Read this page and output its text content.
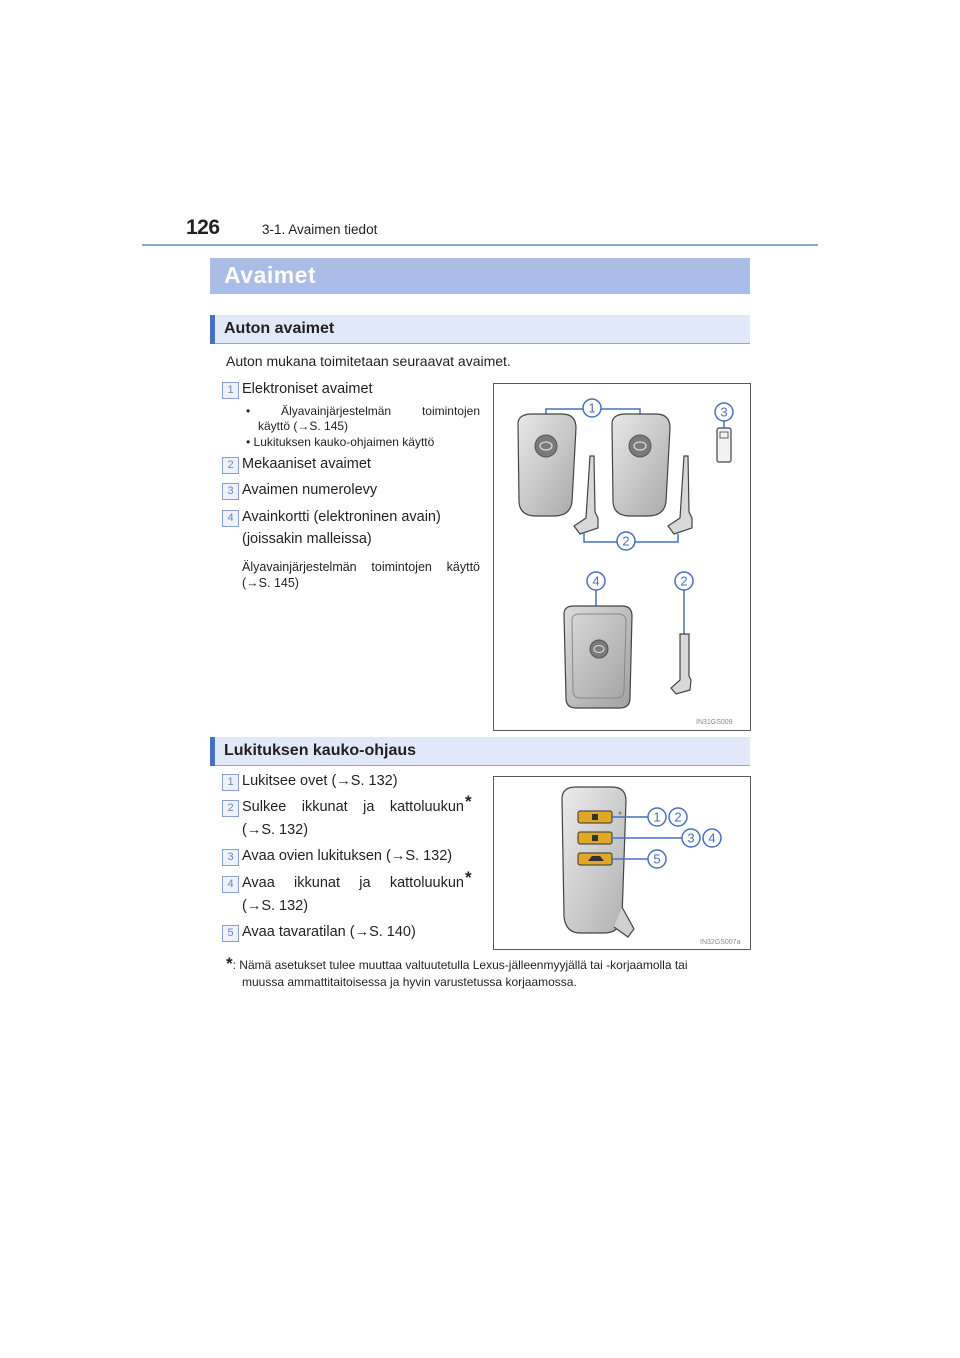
126	3-1. Avaimen tiedot
Avaimet
Auton avaimet
Auton mukana toimitetaan seuraavat avaimet.
1 Elektroniset avaimet
• Älyavainjärjestelmän toimintojen
käyttö (→S. 145)
• Lukituksen kauko-ohjaimen käyttö
2 Mekaaniset avaimet
3 Avaimen numerolevy
4 Avainkortti (elektroninen avain)
(joissakin malleissa)
Älyavainjärjestelmän toimintojen käyttö
(→S. 145)
1	3
2
4	2
IN31GS009
Lukituksen kauko-ohjaus
1 Lukitsee ovet (→S. 132)
2 Sulkee ikkunat ja kattoluukun *
(→S. 132)
3 Avaa ovien lukituksen (→S. 132)
4 Avaa ikkunat ja kattoluukun *
(→S. 132)
5 Avaa tavaratilan (→S. 140)
1 2
3 4
5
IN32GS007a
*: Nämä asetukset tulee muuttaa valtuutetulla Lexus-jälleenmyyjällä tai -korjaamolla tai
muussa ammattitaitoisessa ja hyvin varustetussa korjaamossa.
